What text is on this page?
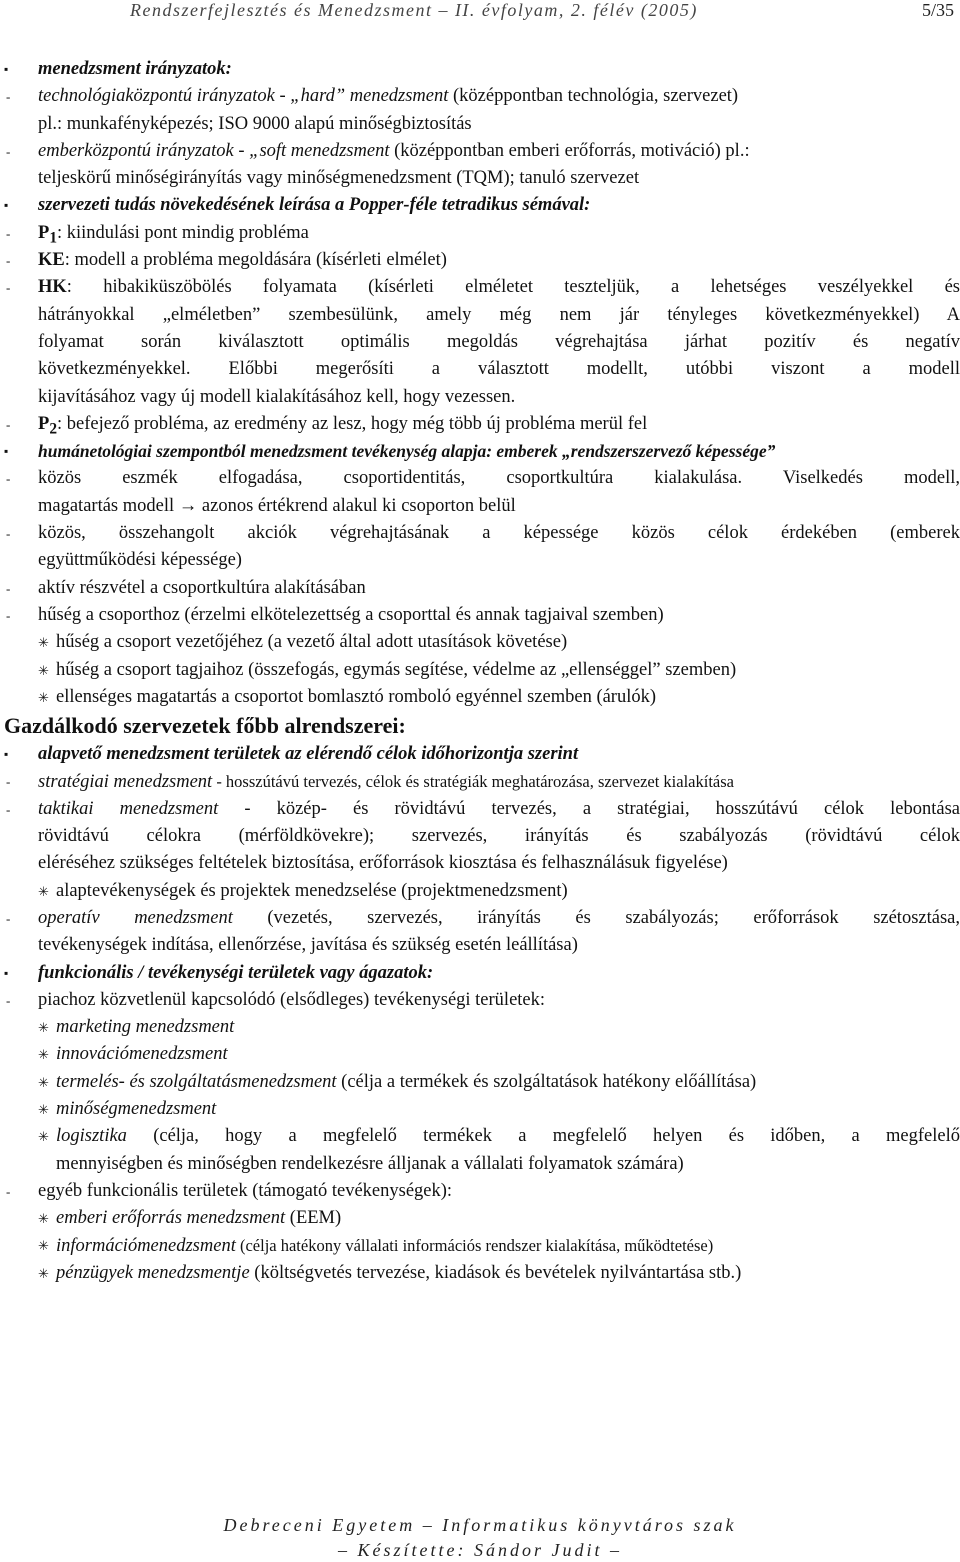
Rendszerfejlesztés és Menedzsment – II. évfolyam, 2. félév (2005)	5/35
▪ menedzsment irányzatok:
- technológiaközpontú irányzatok - „hard” menedzsment (középpontban technológia, szervezet)
pl.: munkafényképezés; ISO 9000 alapú minőségbiztosítás
- emberközpontú irányzatok - „soft menedzsment (középpontban emberi erőforrás, motiváció) pl.:
teljeskörű minőségirányítás vagy minőségmenedzsment (TQM); tanuló szervezet
▪ szervezeti tudás növekedésének leírása a Popper-féle tetradikus sémával:
- $P_1$: kiindulási pont mindig probléma
- KE: modell a probléma megoldására (kísérleti elmélet)
- HK: hibakiküszöbölés folyamata (kísérleti elméletet teszteljük, a lehetséges veszélyekkel és
hátrányokkal „elméletben” szembesülünk, amely még nem jár tényleges következményekkel) A
folyamat során kiválasztott optimális megoldás végrehajtása járhat pozitív és negatív
következményekkel. Előbbi megerősíti a választott modellt, utóbbi viszont a modell
kijavításához vagy új modell kialakításához kell, hogy vezessen.
- $P_2$: befejező probléma, az eredmény az lesz, hogy még több új probléma merül fel
▪ humánetológiai szempontból menedzsment tevékenység alapja: emberek „rendszerszervező képessége”
- közös eszmék elfogadása, csoportidentitás, csoportkultúra kialakulása. Viselkedés modell,
magatartás modell → azonos értékrend alakul ki csoporton belül
- közös, összehangolt akciók végrehajtásának a képessége közös célok érdekében (emberek
együttműködési képessége)
- aktív részvétel a csoportkultúra alakításában
- hűség a csoporthoz (érzelmi elkötelezettség a csoporttal és annak tagjaival szemben)
✳ hűség a csoport vezetőjéhez (a vezető által adott utasítások követése)
✳ hűség a csoport tagjaihoz (összefogás, egymás segítése, védelme az „ellenséggel” szemben)
✳ ellenséges magatartás a csoportot bomlasztó romboló egyénnel szemben (árulók)
Gazdálkodó szervezetek főbb alrendszerei:
▪ alapvető menedzsment területek az elérendő célok időhorizontja szerint
- stratégiai menedzsment - hosszútávú tervezés, célok és stratégiák meghatározása, szervezet kialakítása
- taktikai menedzsment - közép- és rövidtávú tervezés, a stratégiai, hosszútávú célok lebontása
rövidtávú célokra (mérföldkövekre); szervezés, irányítás és szabályozás (rövidtávú célok
eléréséhez szükséges feltételek biztosítása, erőforrások kiosztása és felhasználásuk figyelése)
✳ alaptevékenységek és projektek menedzselése (projektmenedzsment)
- operatív menedzsment (vezetés, szervezés, irányítás és szabályozás; erőforrások szétosztása,
tevékenységek indítása, ellenőrzése, javítása és szükség esetén leállítása)
▪ funkcionális / tevékenységi területek vagy ágazatok:
- piachoz közvetlenül kapcsolódó (elsődleges) tevékenységi területek:
✳ marketing menedzsment
✳ innovációmenedzsment
✳ termelés- és szolgáltatásmenedzsment (célja a termékek és szolgáltatások hatékony előállítása)
✳ minőségmenedzsment
✳ logisztika (célja, hogy a megfelelő termékek a megfelelő helyen és időben, a megfelelő
mennyiségben és minőségben rendelkezésre álljanak a vállalati folyamatok számára)
- egyéb funkcionális területek (támogató tevékenységek):
✳ emberi erőforrás menedzsment (EEM)
✳ információmenedzsment (célja hatékony vállalati információs rendszer kialakítása, működtetése)
✳ pénzügyek menedzsmentje (költségvetés tervezése, kiadások és bevételek nyilvántartása stb.)
Debreceni Egyetem – Informatikus könyvtáros szak
– Készítette: Sándor Judit –
